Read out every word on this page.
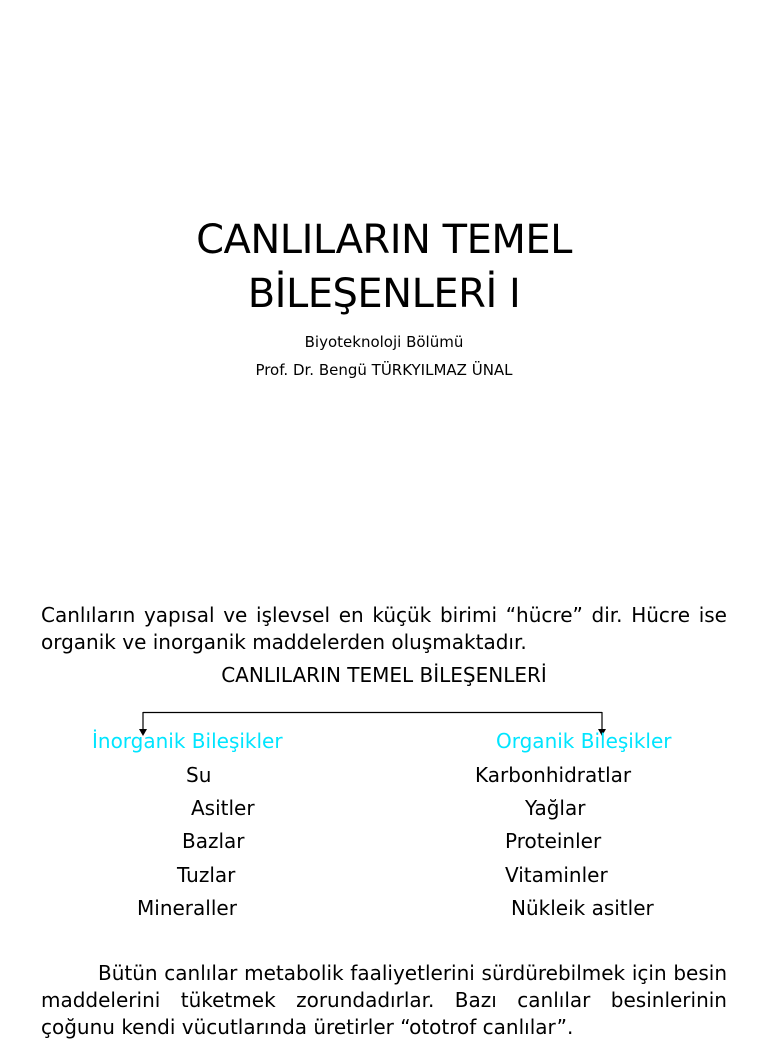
CANLILARIN TEMEL
BİLEŞENLERİ I
Biyoteknoloji Bölümü
Prof. Dr. Bengü TÜRKYILMAZ ÜNAL

Canlıların yapısal ve işlevsel en küçük birimi “hücre” dir. Hücre ise organik ve inorganik maddelerden oluşmaktadır.

CANLILARIN TEMEL BİLEŞENLERİ
İnorganik Bileşikler	Organik Bileşikler
Su
Asitler
Bazlar
Tuzlar
Mineraller
Karbonhidratlar
Yağlar
Proteinler
Vitaminler
Nükleik asitler

Bütün canlılar metabolik faaliyetlerini sürdürebilmek için besin maddelerini tüketmek zorundadırlar. Bazı canlılar besinlerinin çoğunu kendi vücutlarında üretirler “ototrof canlılar”.
